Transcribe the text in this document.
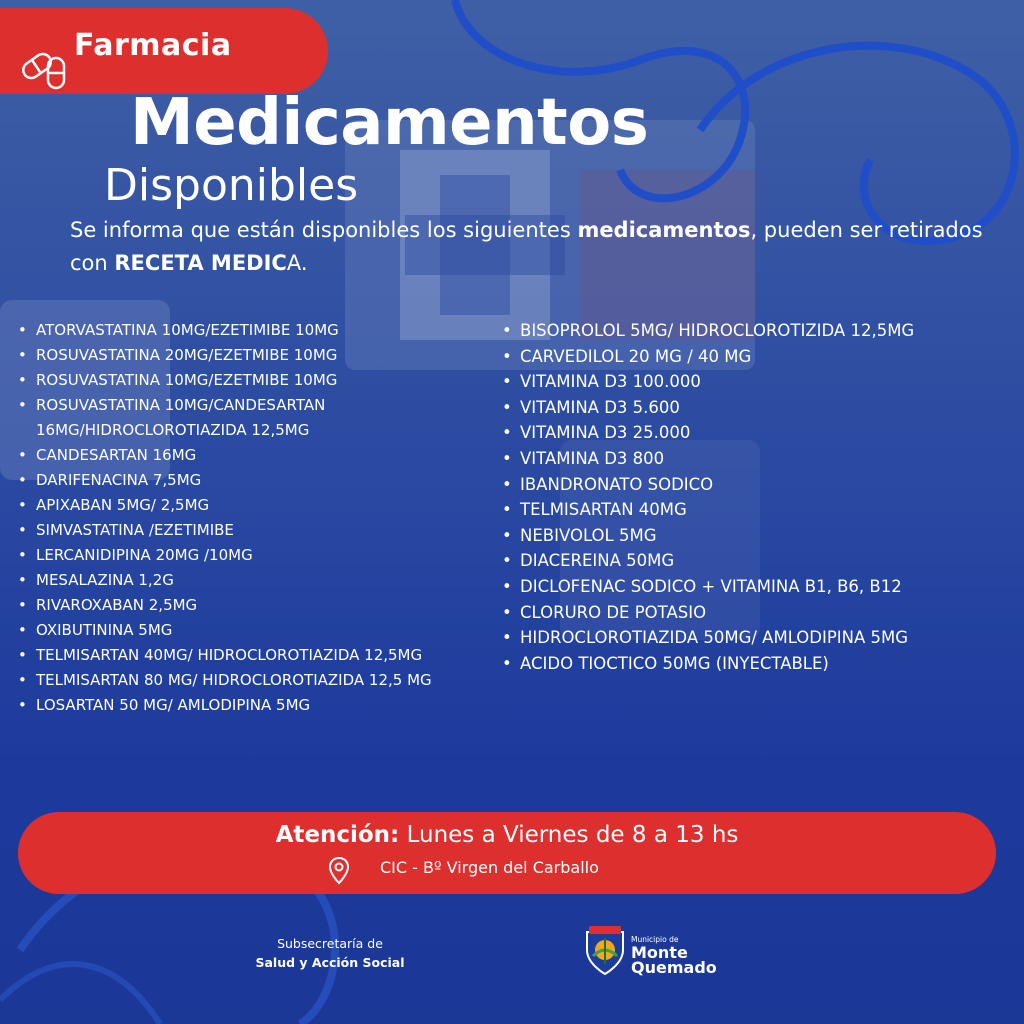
Farmacia
Medicamentos
Disponibles
Se informa que están disponibles los siguientes medicamentos, pueden ser retirados con RECETA MEDICA.
• ATORVASTATINA 10MG/EZETIMIBE 10MG
• ROSUVASTATINA 20MG/EZETMIBE 10MG
• ROSUVASTATINA 10MG/EZETMIBE 10MG
• ROSUVASTATINA 10MG/CANDESARTAN 16MG/HIDROCLOROTIAZIDA 12,5MG
• CANDESARTAN 16MG
• DARIFENACINA 7,5MG
• APIXABAN 5MG/ 2,5MG
• SIMVASTATINA /EZETIMIBE
• LERCANIDIPINA 20MG /10MG
• MESALAZINA 1,2G
• RIVAROXABAN 2,5MG
• OXIBUTININA 5MG
• TELMISARTAN 40MG/ HIDROCLOROTIAZIDA 12,5MG
• TELMISARTAN 80 MG/ HIDROCLOROTIAZIDA 12,5 MG
• LOSARTAN 50 MG/ AMLODIPINA 5MG
• BISOPROLOL 5MG/ HIDROCLOROTIZIDA 12,5MG
• CARVEDILOL 20 MG / 40 MG
• VITAMINA D3 100.000
• VITAMINA D3 5.600
• VITAMINA D3 25.000
• VITAMINA D3 800
• IBANDRONATO SODICO
• TELMISARTAN 40MG
• NEBIVOLOL 5MG
• DIACEREINA 50MG
• DICLOFENAC SODICO + VITAMINA B1, B6, B12
• CLORURO DE POTASIO
• HIDROCLOROTIAZIDA 50MG/ AMLODIPINA 5MG
• ACIDO TIOCTICO 50MG (INYECTABLE)
Atención: Lunes a Viernes de 8 a 13 hs
CIC - Bº Virgen del Carballo
Subsecretaría de
Salud y Acción Social
Municipio de
Monte
Quemado
